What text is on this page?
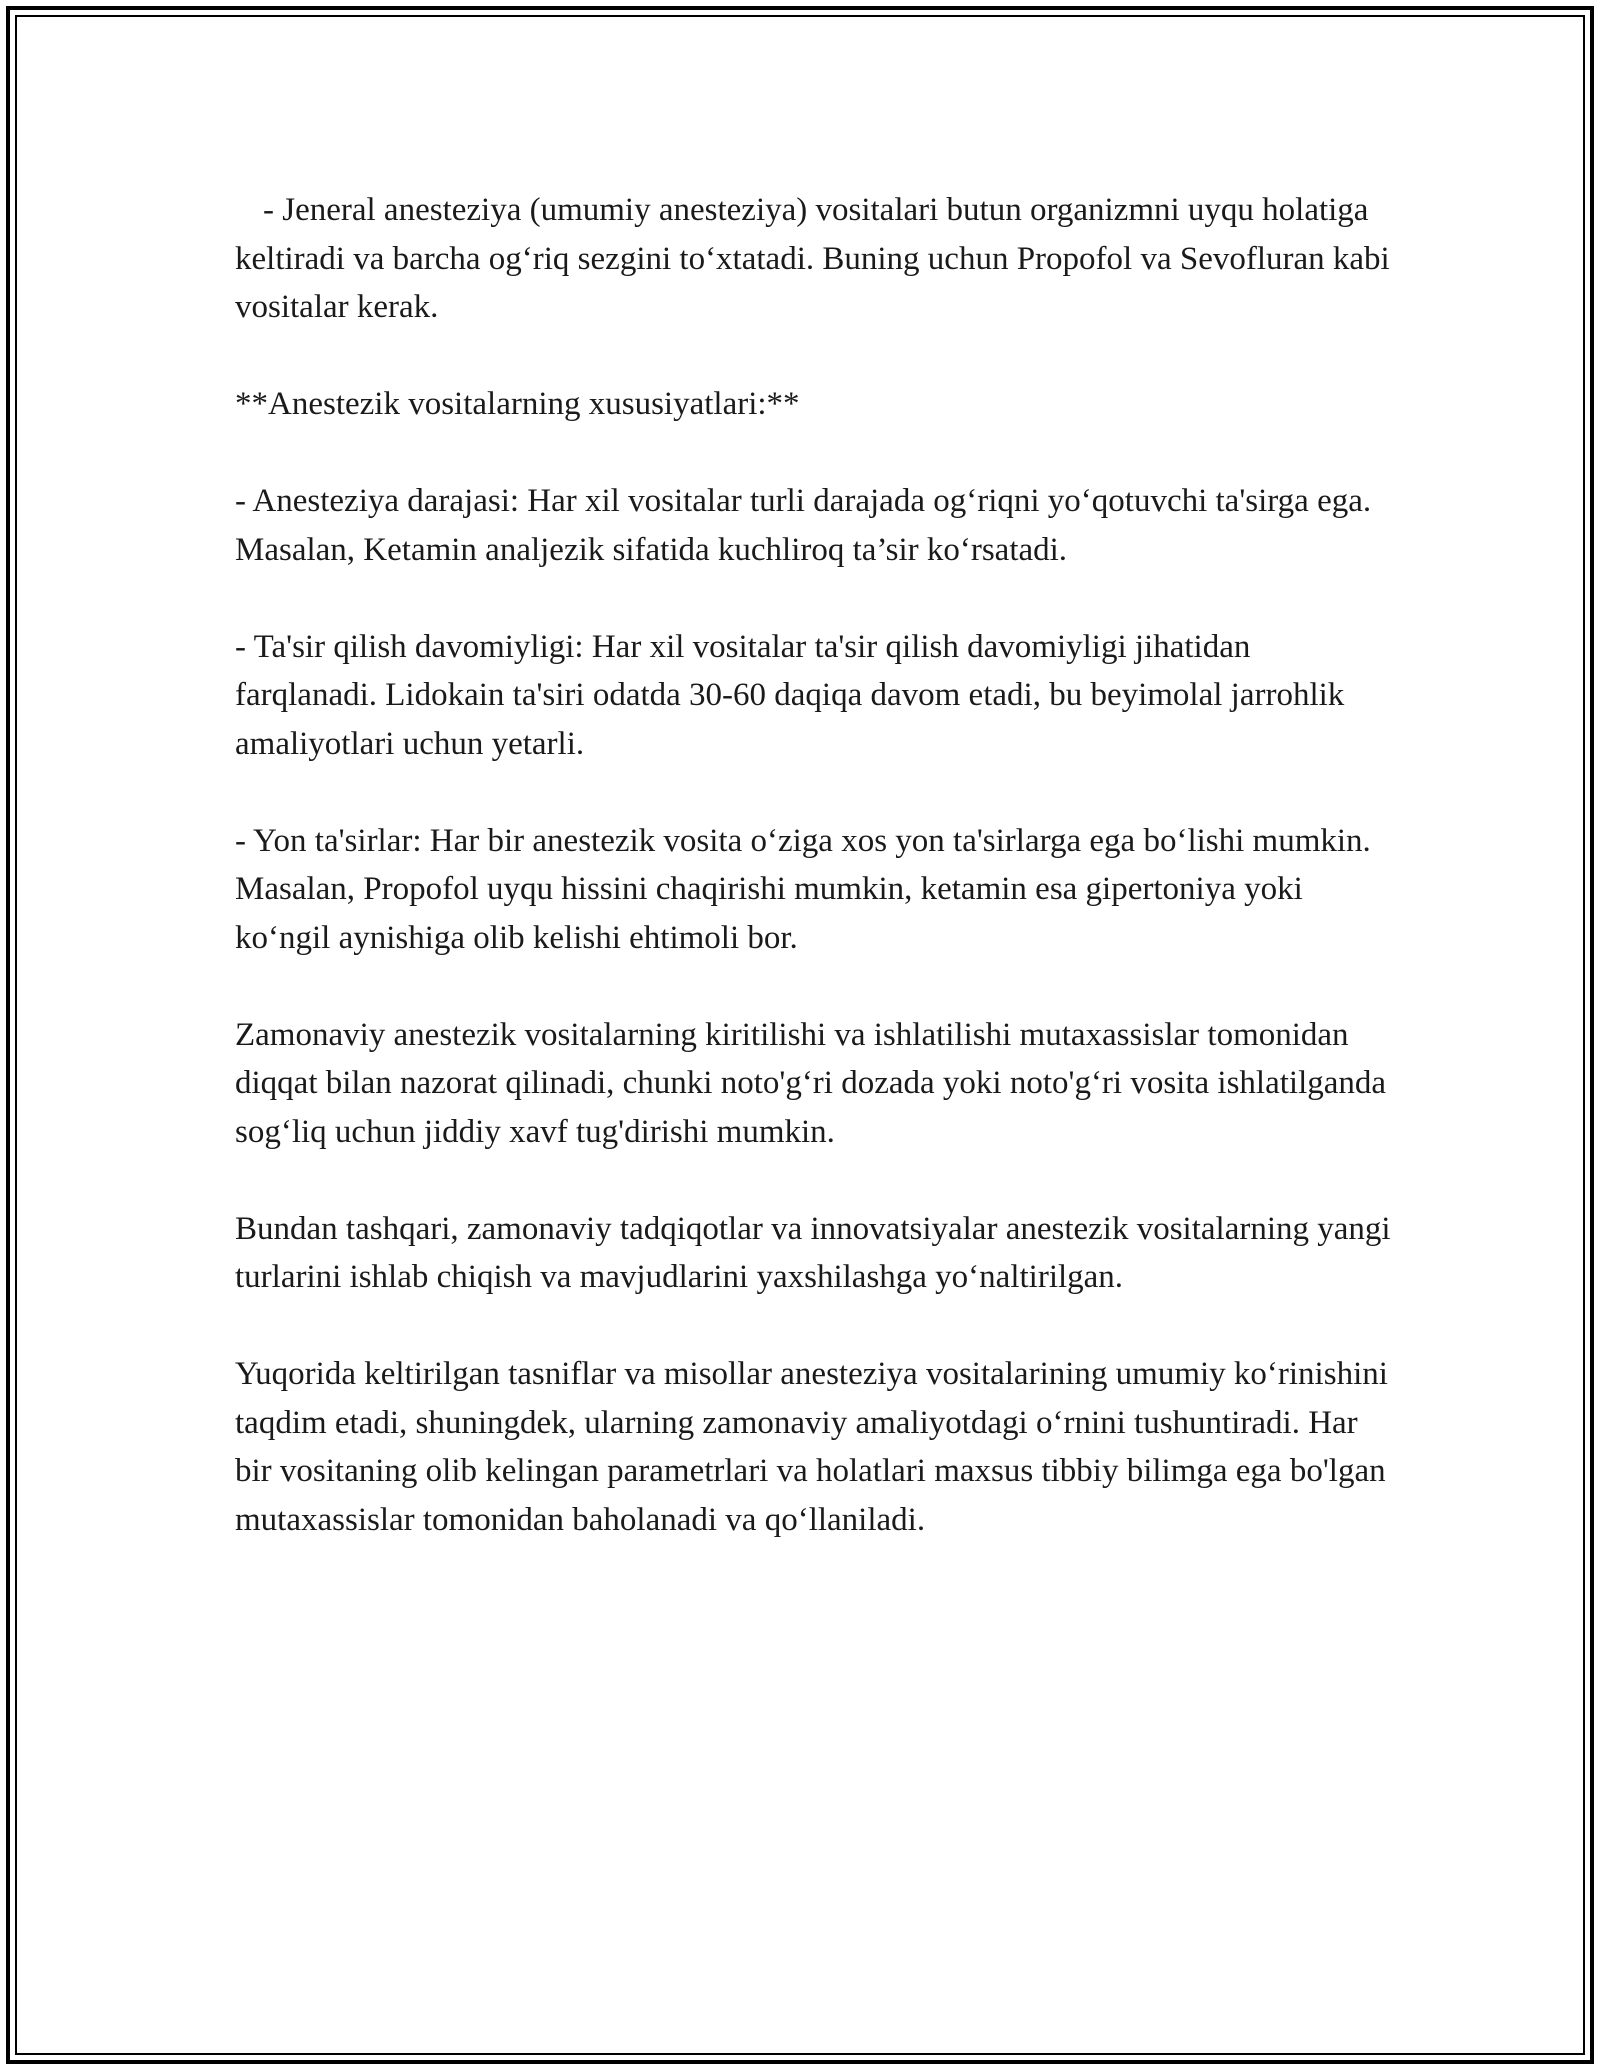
- Jeneral anesteziya (umumiy anesteziya) vositalari butun organizmni uyqu holatiga keltiradi va barcha og‘riq sezgini to‘xtatadi. Buning uchun Propofol va Sevofluran kabi vositalar kerak.

**Anestezik vositalarning xususiyatlari:**

- Anesteziya darajasi: Har xil vositalar turli darajada og‘riqni yo‘qotuvchi ta'sirga ega. Masalan, Ketamin analjezik sifatida kuchliroq ta’sir ko‘rsatadi.

- Ta'sir qilish davomiyligi: Har xil vositalar ta'sir qilish davomiyligi jihatidan farqlanadi. Lidokain ta'siri odatda 30-60 daqiqa davom etadi, bu beyimolal jarrohlik amaliyotlari uchun yetarli.

- Yon ta'sirlar: Har bir anestezik vosita o‘ziga xos yon ta'sirlarga ega bo‘lishi mumkin. Masalan, Propofol uyqu hissini chaqirishi mumkin, ketamin esa gipertoniya yoki ko‘ngil aynishiga olib kelishi ehtimoli bor.

Zamonaviy anestezik vositalarning kiritilishi va ishlatilishi mutaxassislar tomonidan diqqat bilan nazorat qilinadi, chunki noto'g‘ri dozada yoki noto'g‘ri vosita ishlatilganda sog‘liq uchun jiddiy xavf tug'dirishi mumkin.

Bundan tashqari, zamonaviy tadqiqotlar va innovatsiyalar anestezik vositalarning yangi turlarini ishlab chiqish va mavjudlarini yaxshilashga yo‘naltirilgan.

Yuqorida keltirilgan tasniflar va misollar anesteziya vositalarining umumiy ko‘rinishini taqdim etadi, shuningdek, ularning zamonaviy amaliyotdagi o‘rnini tushuntiradi. Har bir vositaning olib kelingan parametrlari va holatlari maxsus tibbiy bilimga ega bo'lgan mutaxassislar tomonidan baholanadi va qo‘llaniladi.
